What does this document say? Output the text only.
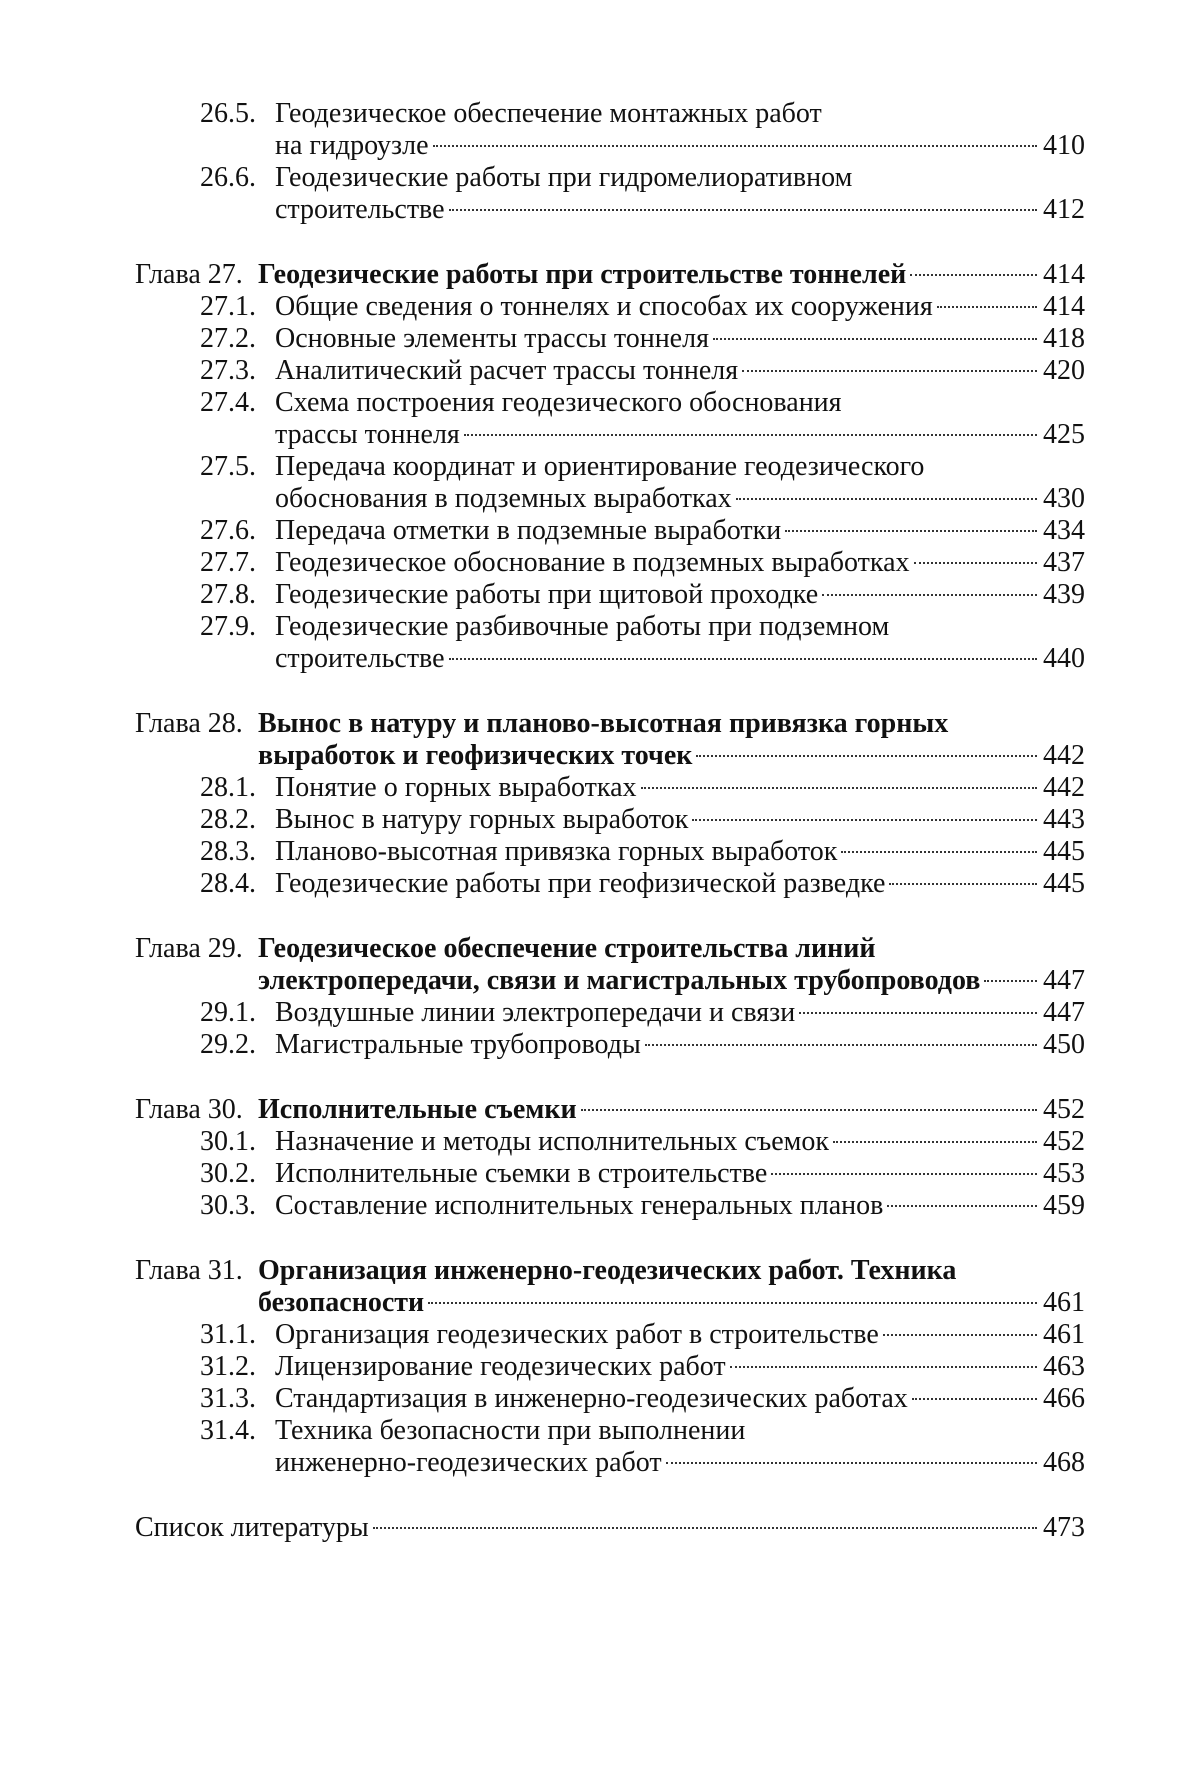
26.5. Геодезическое обеспечение монтажных работ
на гидроузле	410
26.6. Геодезические работы при гидромелиоративном
строительстве	412
Глава 27. Геодезические работы при строительстве тоннелей	414
27.1. Общие сведения о тоннелях и способах их сооружения	414
27.2. Основные элементы трассы тоннеля	418
27.3. Аналитический расчет трассы тоннеля	420
27.4. Схема построения геодезического обоснования
трассы тоннеля	425
27.5. Передача координат и ориентирование геодезического
обоснования в подземных выработках	430
27.6. Передача отметки в подземные выработки	434
27.7. Геодезическое обоснование в подземных выработках	437
27.8. Геодезические работы при щитовой проходке	439
27.9. Геодезические разбивочные работы при подземном
строительстве	440
Глава 28. Вынос в натуру и планово-высотная привязка горных
выработок и геофизических точек	442
28.1. Понятие о горных выработках	442
28.2. Вынос в натуру горных выработок	443
28.3. Планово-высотная привязка горных выработок	445
28.4. Геодезические работы при геофизической разведке	445
Глава 29. Геодезическое обеспечение строительства линий
электропередачи, связи и магистральных трубопроводов 447
29.1. Воздушные линии электропередачи и связи	447
29.2. Магистральные трубопроводы	450
Глава 30. Исполнительные съемки	452
30.1. Назначение и методы исполнительных съемок	452
30.2. Исполнительные съемки в строительстве	453
30.3. Составление исполнительных генеральных планов	459
Глава 31. Организация инженерно-геодезических работ. Техника
безопасности	461
31.1. Организация геодезических работ в строительстве	461
31.2. Лицензирование геодезических работ	463
31.3. Стандартизация в инженерно-геодезических работах	466
31.4. Техника безопасности при выполнении
инженерно-геодезических работ	468
Список литературы	473
